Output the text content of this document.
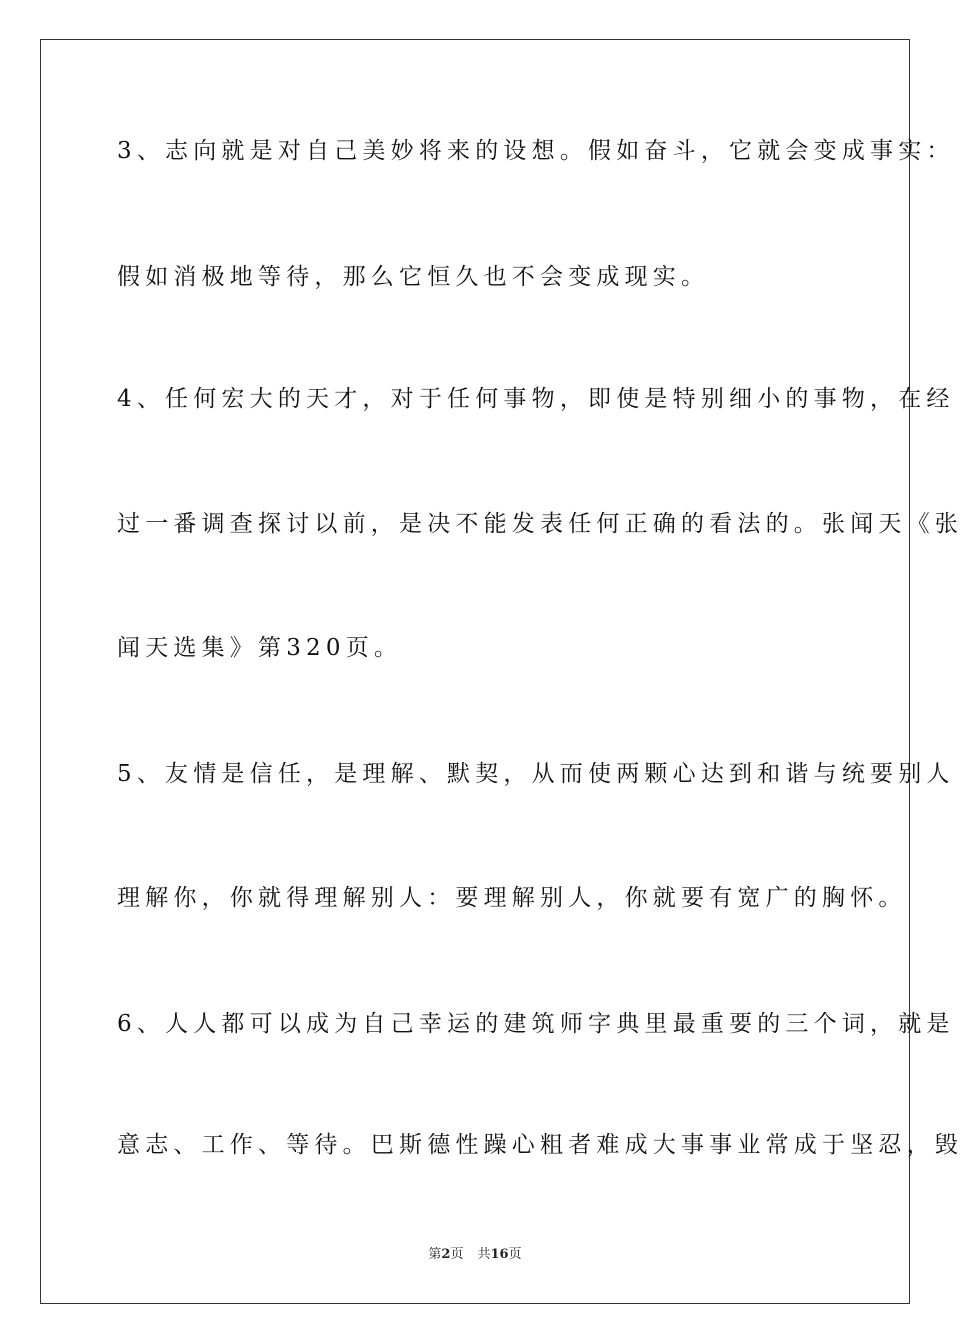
3、志向就是对自己美妙将来的设想。假如奋斗，它就会变成事实：
假如消极地等待，那么它恒久也不会变成现实。
4、任何宏大的天才，对于任何事物，即使是特别细小的事物，在经
过一番调查探讨以前，是决不能发表任何正确的看法的。张闻天《张
闻天选集》第320页。
5、友情是信任，是理解、默契，从而使两颗心达到和谐与统要别人
理解你，你就得理解别人：要理解别人，你就要有宽广的胸怀。
6、人人都可以成为自己幸运的建筑师字典里最重要的三个词，就是
意志、工作、等待。巴斯德性躁心粗者难成大事事业常成于坚忍，毁
第2页 共16页
